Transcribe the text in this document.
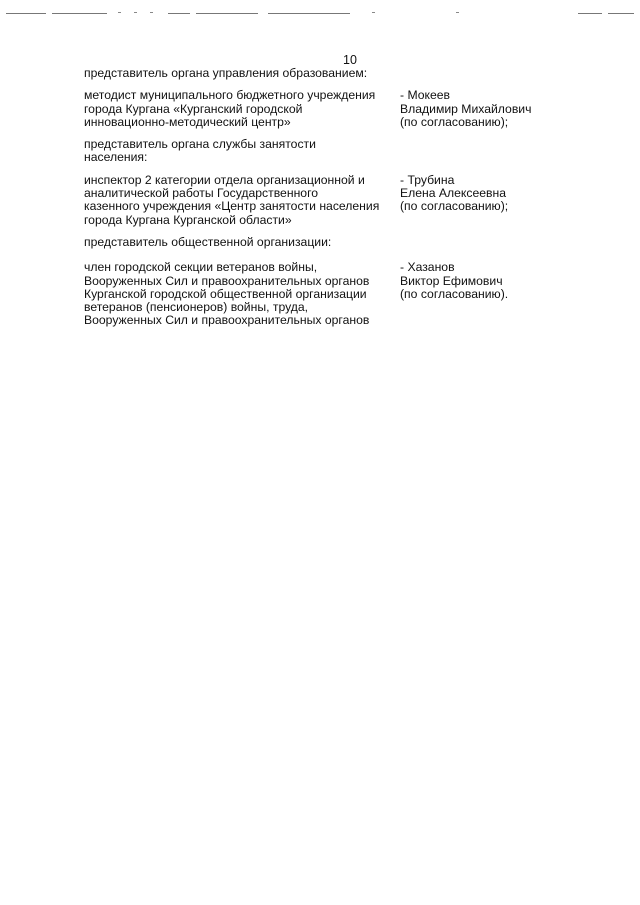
10
представитель органа управления образованием:
методист муниципального бюджетного учреждения
города Кургана «Курганский городской
инновационно-методический центр»
- Мокеев
Владимир Михайлович
(по согласованию);
представитель органа службы занятости
населения:
инспектор 2 категории отдела организационной и
аналитической работы Государственного
казенного учреждения «Центр занятости населения
города Кургана Курганской области»
- Трубина
Елена Алексеевна
(по согласованию);
представитель общественной организации:
член городской секции ветеранов войны,
Вооруженных Сил и правоохранительных органов
Курганской городской общественной организации
ветеранов (пенсионеров) войны, труда,
Вооруженных Сил и правоохранительных органов
- Хазанов
Виктор Ефимович
(по согласованию).
